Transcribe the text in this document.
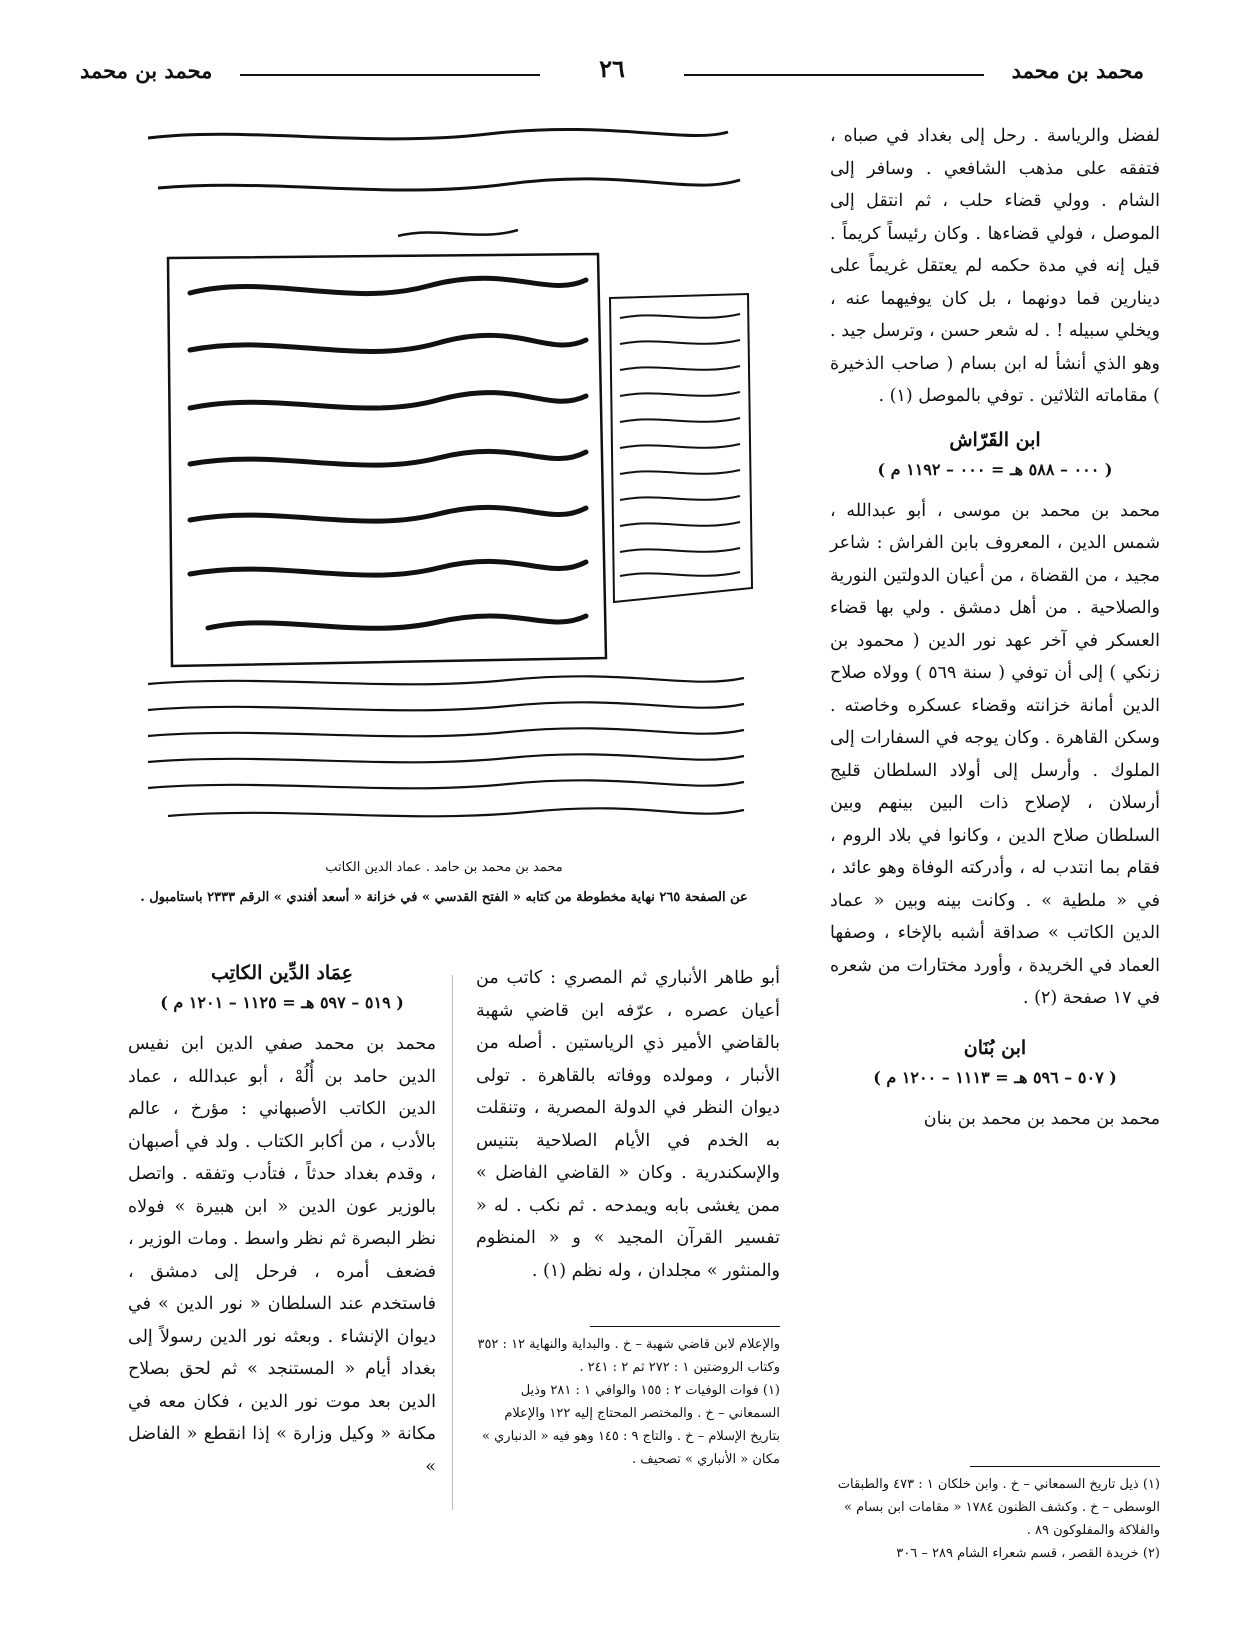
محمد بن محمد
٢٦
محمد بن محمد
محمد بن محمد بن حامد . عماد الدين الكاتب
عن الصفحة ٢٦٥ نهاية مخطوطة من كتابه « الفتح القدسي » في خزانة « أسعد أفندي » الرقم ٢٣٣٣ باستامبول .

لفضل والرياسة . رحل إلى بغداد في صباه ، فتفقه على مذهب الشافعي . وسافر إلى الشام . وولي قضاء حلب ، ثم انتقل إلى الموصل ، فولي قضاءها . وكان رئيساً كريماً . قيل إنه في مدة حكمه لم يعتقل غريماً على دينارين فما دونهما ، بل كان يوفيهما عنه ، ويخلي سبيله ! . له شعر حسن ، وترسل جيد . وهو الذي أنشأ له ابن بسام ( صاحب الذخيرة ) مقاماته الثلاثين . توفي بالموصل (١) .

ابن القَرّاش
( ٠٠٠ – ٥٨٨ هـ = ٠٠٠ – ١١٩٢ م )

محمد بن محمد بن موسى ، أبو عبدالله ، شمس الدين ، المعروف بابن الفراش : شاعر مجيد ، من القضاة ، من أعيان الدولتين النورية والصلاحية . من أهل دمشق . ولي بها قضاء العسكر في آخر عهد نور الدين ( محمود بن زنكي ) إلى أن توفي ( سنة ٥٦٩ ) وولاه صلاح الدين أمانة خزانته وقضاء عسكره وخاصته . وسكن القاهرة . وكان يوجه في السفارات إلى الملوك . وأرسل إلى أولاد السلطان قليج أرسلان ، لإصلاح ذات البين بينهم وبين السلطان صلاح الدين ، وكانوا في بلاد الروم ، فقام بما انتدب له ، وأدركته الوفاة وهو عائد ، في « ملطية » . وكانت بينه وبين « عماد الدين الكاتب » صداقة أشبه بالإخاء ، وصفها العماد في الخريدة ، وأورد مختارات من شعره في ١٧ صفحة (٢) .

ابن بُنَان
( ٥٠٧ – ٥٩٦ هـ = ١١١٣ – ١٢٠٠ م )

محمد بن محمد بن محمد بن بنان

أبو طاهر الأنباري ثم المصري : كاتب من أعيان عصره ، عرّفه ابن قاضي شهبة بالقاضي الأمير ذي الرياستين . أصله من الأنبار ، ومولده ووفاته بالقاهرة . تولى ديوان النظر في الدولة المصرية ، وتنقلت به الخدم في الأيام الصلاحية بتنيس والإسكندرية . وكان « القاضي الفاضل » ممن يغشى بابه ويمدحه . ثم نكب . له « تفسير القرآن المجيد » و « المنظوم والمنثور » مجلدان ، وله نظم (١) .

عِمَاد الدِّين الكاتِب
( ٥١٩ – ٥٩٧ هـ = ١١٢٥ – ١٢٠١ م )

محمد بن محمد صفي الدين ابن نفيس الدين حامد بن أُلُهْ ، أبو عبدالله ، عماد الدين الكاتب الأصبهاني : مؤرخ ، عالم بالأدب ، من أكابر الكتاب . ولد في أصبهان ، وقدم بغداد حدثاً ، فتأدب وتفقه . واتصل بالوزير عون الدين « ابن هبيرة » فولاه نظر البصرة ثم نظر واسط . ومات الوزير ، فضعف أمره ، فرحل إلى دمشق ، فاستخدم عند السلطان « نور الدين » في ديوان الإنشاء . وبعثه نور الدين رسولاً إلى بغداد أيام « المستنجد » ثم لحق بصلاح الدين بعد موت نور الدين ، فكان معه في مكانة « وكيل وزارة » إذا انقطع « الفاضل »

(١) ذيل تاريخ السمعاني – خ . وابن خلكان ١ : ٤٧٣ والطبقات الوسطى – خ . وكشف الظنون ١٧٨٤ « مقامات ابن بسام » والفلاكة والمفلوكون ٨٩ .

(٢) خريدة القصر ، قسم شعراء الشام ٢٨٩ – ٣٠٦

والإعلام لابن قاضي شهبة – خ . والبداية والنهاية ١٢ : ٣٥٢ وكتاب الروضتين ١ : ٢٧٢ ثم ٢ : ٢٤١ .

(١) فوات الوفيات ٢ : ١٥٥ والوافي ١ : ٢٨١ وذيل السمعاني – خ . والمختصر المحتاج إليه ١٢٢ والإعلام بتاريخ الإسلام – خ . والتاج ٩ : ١٤٥ وهو فيه « الدنباري » مكان « الأنباري » تصحيف .
